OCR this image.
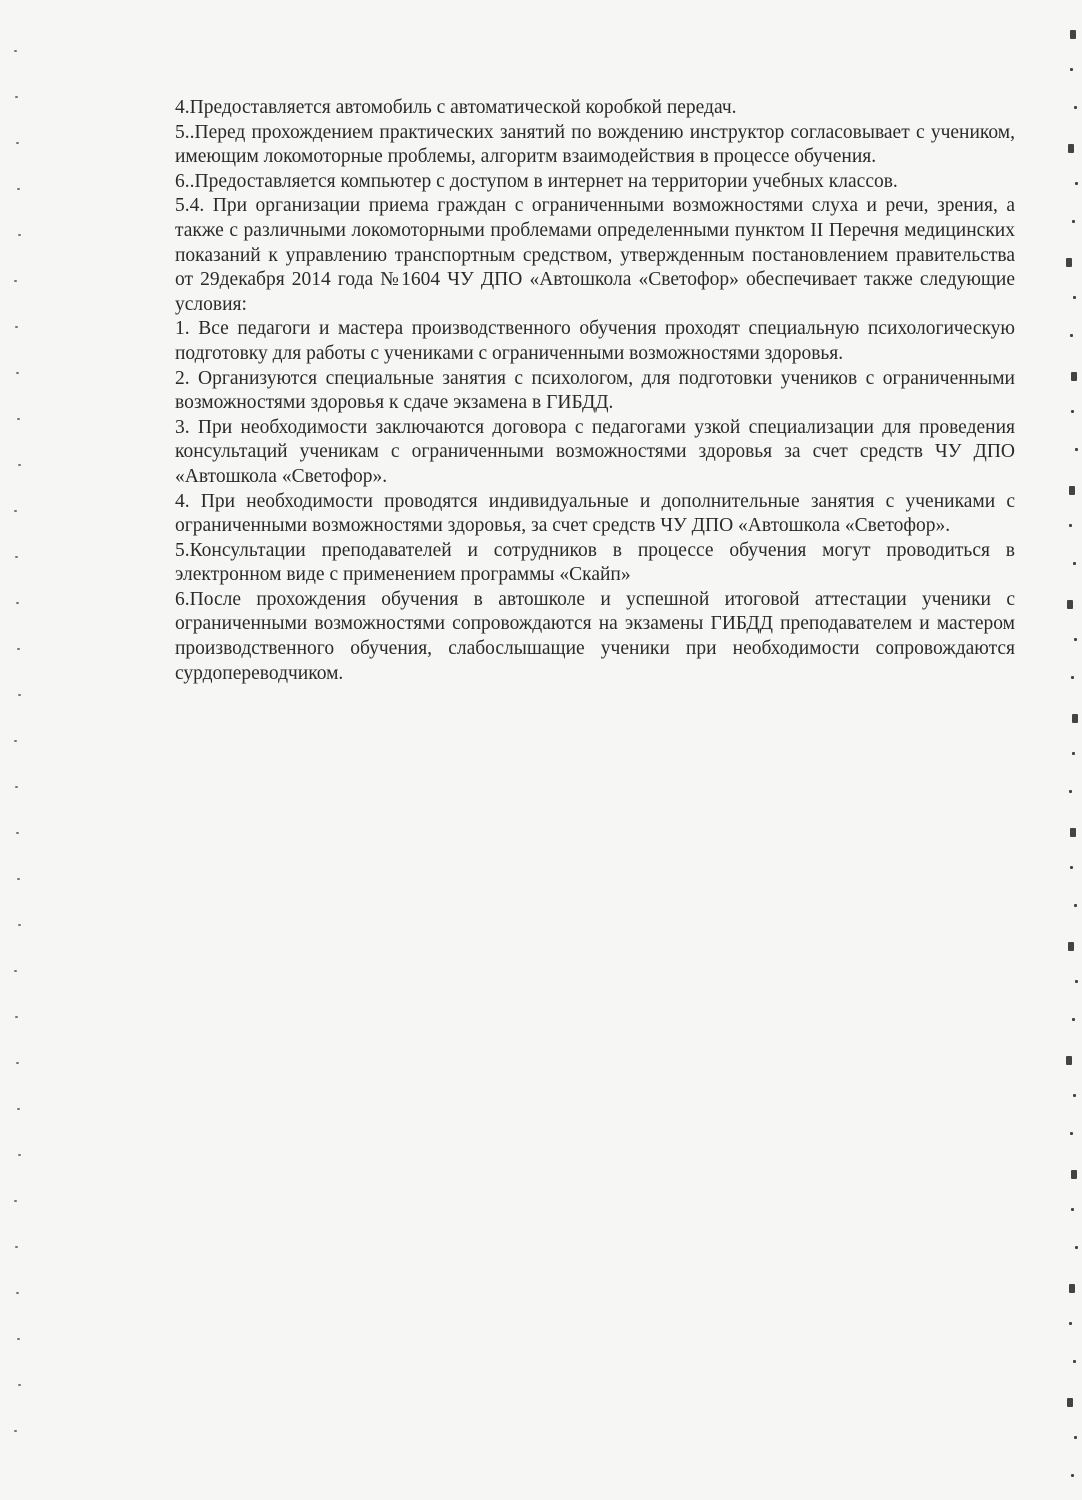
4.Предоставляется автомобиль с автоматической коробкой передач.

5..Перед прохождением практических занятий по вождению инструктор согласовывает с учеником, имеющим локомоторные проблемы, алгоритм взаимодействия в процессе обучения.

6..Предоставляется компьютер с доступом в интернет на территории учебных классов.

5.4. При организации приема граждан с ограниченными возможностями слуха и речи, зрения, а также с различными локомоторными проблемами определенными пунктом II Перечня медицинских показаний к управлению транспортным средством, утвержденным постановлением правительства от 29декабря 2014 года №1604 ЧУ ДПО «Автошкола «Светофор» обеспечивает также следующие условия:

1. Все педагоги и мастера производственного обучения проходят специальную психологическую подготовку для работы с учениками с ограниченными возможностями здоровья.

2. Организуются специальные занятия с психологом, для подготовки учеников с ограниченными возможностями здоровья к сдаче экзамена в ГИБДД.

3. При необходимости заключаются договора с педагогами узкой специализации для проведения консультаций ученикам с ограниченными возможностями здоровья за счет средств ЧУ ДПО «Автошкола «Светофор».

4. При необходимости проводятся индивидуальные и дополнительные занятия с учениками с ограниченными возможностями здоровья, за счет средств ЧУ ДПО «Автошкола «Светофор».

5.Консультации преподавателей и сотрудников в процессе обучения могут проводиться в электронном виде с применением программы «Скайп»

6.После прохождения обучения в автошколе и успешной итоговой аттестации ученики с ограниченными возможностями сопровождаются на экзамены ГИБДД преподавателем и мастером производственного обучения, слабослышащие ученики при необходимости сопровождаются сурдопереводчиком.
